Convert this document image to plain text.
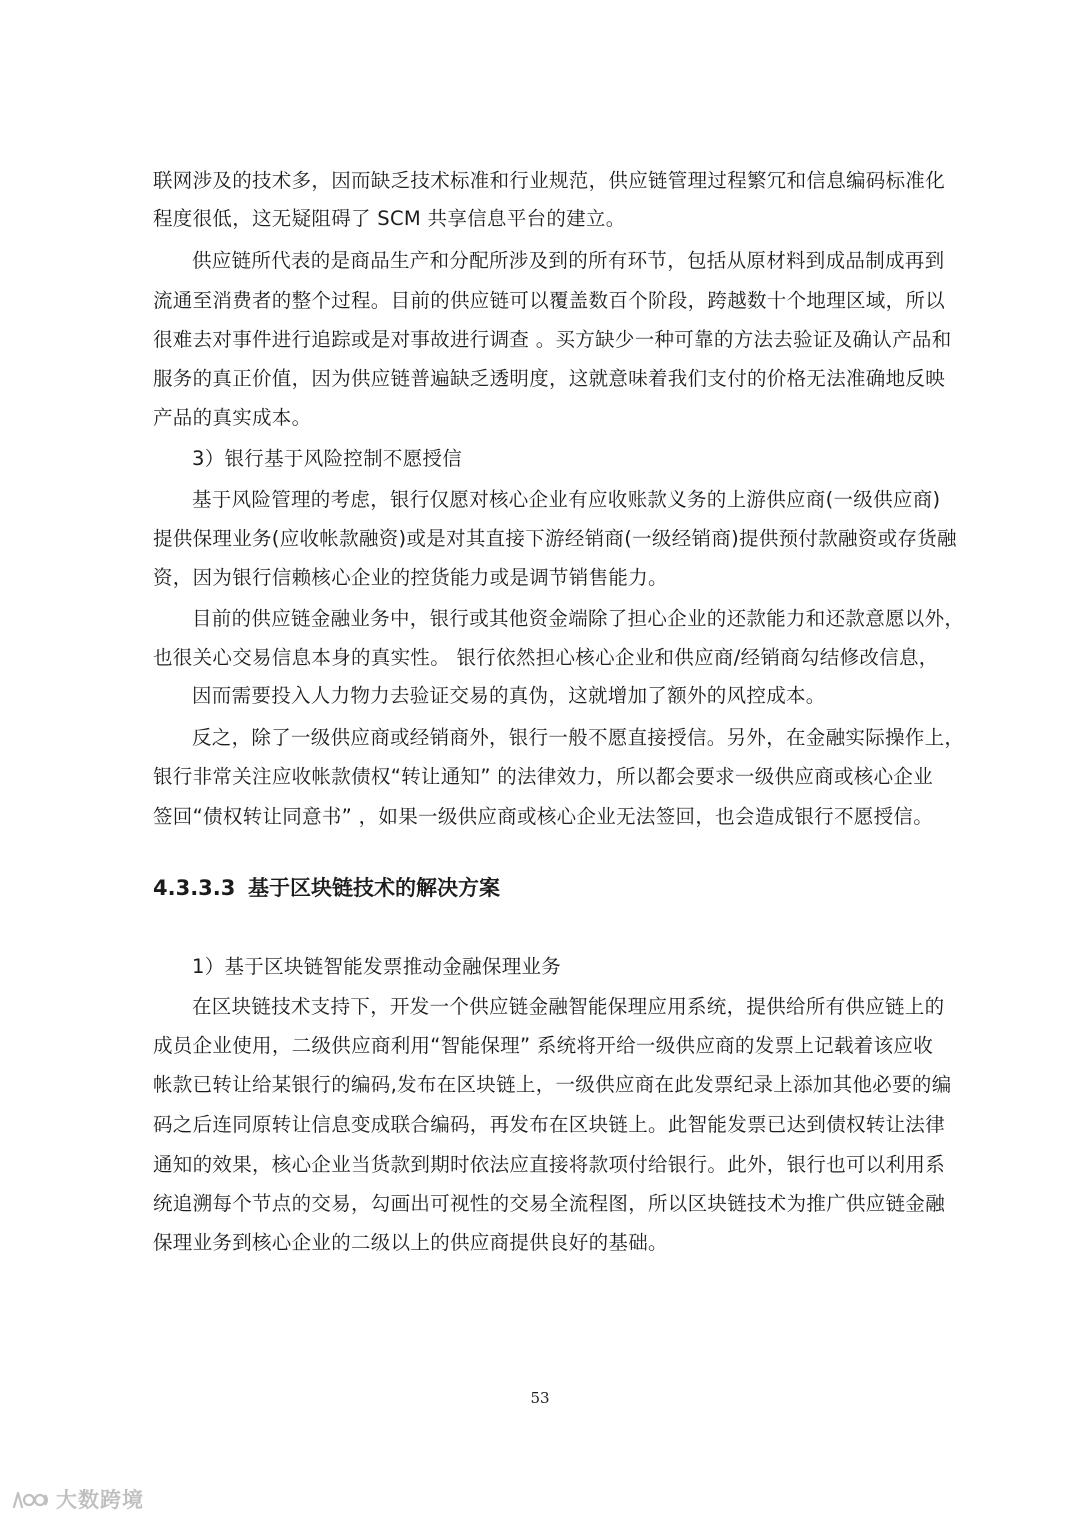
联网涉及的技术多，因而缺乏技术标准和行业规范，供应链管理过程繁冗和信息编码标准化
程度很低，这无疑阻碍了 SCM 共享信息平台的建立。
供应链所代表的是商品生产和分配所涉及到的所有环节，包括从原材料到成品制成再到
流通至消费者的整个过程。目前的供应链可以覆盖数百个阶段，跨越数十个地理区域，所以
很难去对事件进行追踪或是对事故进行调查 。买方缺少一种可靠的方法去验证及确认产品和
服务的真正价值，因为供应链普遍缺乏透明度，这就意味着我们支付的价格无法准确地反映
产品的真实成本。
3）银行基于风险控制不愿授信
基于风险管理的考虑，银行仅愿对核心企业有应收账款义务的上游供应商(一级供应商)
提供保理业务(应收帐款融资)或是对其直接下游经销商(一级经销商)提供预付款融资或存货融
资，因为银行信赖核心企业的控货能力或是调节销售能力。
目前的供应链金融业务中，银行或其他资金端除了担心企业的还款能力和还款意愿以外，
也很关心交易信息本身的真实性。 银行依然担心核心企业和供应商/经销商勾结修改信息，
因而需要投入人力物力去验证交易的真伪，这就增加了额外的风控成本。
反之，除了一级供应商或经销商外，银行一般不愿直接授信。另外，在金融实际操作上，
银行非常关注应收帐款债权“转让通知” 的法律效力，所以都会要求一级供应商或核心企业
签回“债权转让同意书” ，如果一级供应商或核心企业无法签回，也会造成银行不愿授信。
4.3.3.3 基于区块链技术的解决方案
1）基于区块链智能发票推动金融保理业务
在区块链技术支持下，开发一个供应链金融智能保理应用系统，提供给所有供应链上的
成员企业使用，二级供应商利用“智能保理” 系统将开给一级供应商的发票上记载着该应收
帐款已转让给某银行的编码,发布在区块链上，一级供应商在此发票纪录上添加其他必要的编
码之后连同原转让信息变成联合编码，再发布在区块链上。此智能发票已达到债权转让法律
通知的效果，核心企业当货款到期时依法应直接将款项付给银行。此外，银行也可以利用系
统追溯每个节点的交易，勾画出可视性的交易全流程图，所以区块链技术为推广供应链金融
保理业务到核心企业的二级以上的供应商提供良好的基础。
53
大数跨境
